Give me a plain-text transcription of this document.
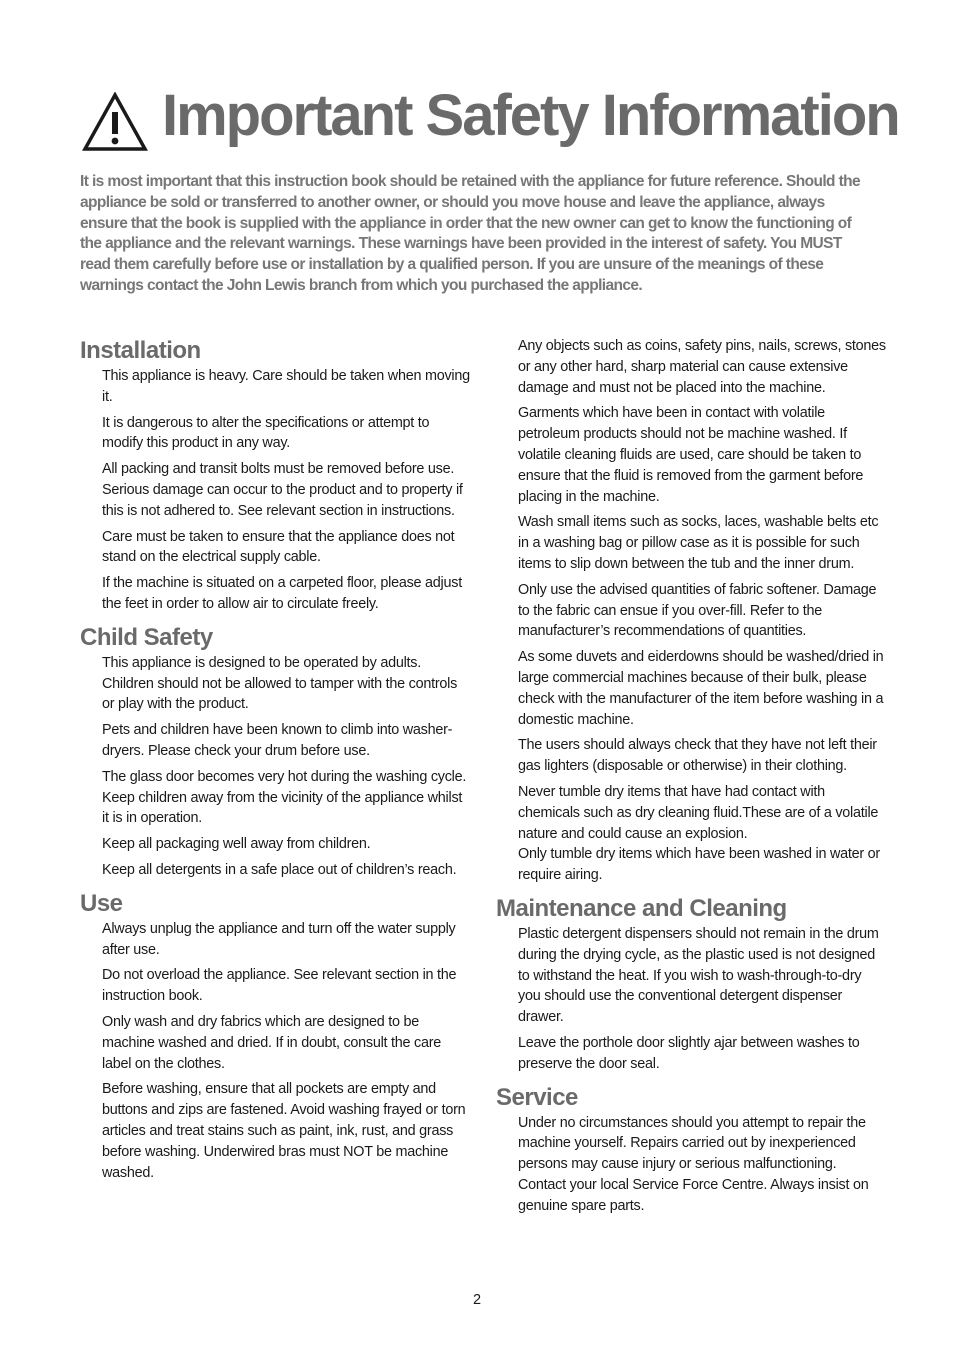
Important Safety Information

It is most important that this instruction book should be retained with the appliance for future reference. Should the appliance be sold or transferred to another owner, or should you move house and leave the appliance, always ensure that the book is supplied with the appliance in order that the new owner can get to know the functioning of the appliance and the relevant warnings. These warnings have been provided in the interest of safety. You MUST read them carefully before use or installation by a qualified person. If you are unsure of the meanings of these warnings contact the John Lewis branch from which you purchased the appliance.

Installation

This appliance is heavy. Care should be taken when moving it.

It is dangerous to alter the specifications or attempt to modify this product in any way.

All packing and transit bolts must be removed before use. Serious damage can occur to the product and to property if this is not adhered to. See relevant section in instructions.

Care must be taken to ensure that the appliance does not stand on the electrical supply cable.

If the machine is situated on a carpeted floor, please adjust the feet in order to allow air to circulate freely.

Child Safety

This appliance is designed to be operated by adults. Children should not be allowed to tamper with the controls or play with the product.

Pets and children have been known to climb into washer-dryers. Please check your drum before use.

The glass door becomes very hot during the washing cycle. Keep children away from the vicinity of the appliance whilst it is in operation.

Keep all packaging well away from children.

Keep all detergents in a safe place out of children’s reach.

Use

Always unplug the appliance and turn off the water supply after use.

Do not overload the appliance. See relevant section in the instruction book.

Only wash and dry fabrics which are designed to be machine washed and dried. If in doubt, consult the care label on the clothes.

Before washing, ensure that all pockets are empty and buttons and zips are fastened. Avoid washing frayed or torn articles and treat stains such as paint, ink, rust, and grass before washing. Underwired bras must NOT be machine washed.

Any objects such as coins, safety pins, nails, screws, stones or any other hard, sharp material can cause extensive damage and must not be placed into the machine.

Garments which have been in contact with volatile petroleum products should not be machine washed. If volatile cleaning fluids are used, care should be taken to ensure that the fluid is removed from the garment before placing in the machine.

Wash small items such as socks, laces, washable belts etc in a washing bag or pillow case as it is possible for such items to slip down between the tub and the inner drum.

Only use the advised quantities of fabric softener. Damage to the fabric can ensue if you over-fill. Refer to the manufacturer’s recommendations of quantities.

As some duvets and eiderdowns should be washed/dried in large commercial machines because of their bulk, please check with the manufacturer of the item before washing in a domestic machine.

The users should always check that they have not left their gas lighters (disposable or otherwise) in their clothing.

Never tumble dry items that have had contact with chemicals such as dry cleaning fluid.These are of a volatile nature and could cause an explosion.

Only tumble dry items which have been washed in water or require airing.

Maintenance and Cleaning

Plastic detergent dispensers should not remain in the drum during the drying cycle, as the plastic used is not designed to withstand the heat. If you wish to wash-through-to-dry you should use the conventional detergent dispenser drawer.

Leave the porthole door slightly ajar between washes to preserve the door seal.

Service

Under no circumstances should you attempt to repair the machine yourself. Repairs carried out by inexperienced persons may cause injury or serious malfunctioning. Contact your local Service Force Centre. Always insist on genuine spare parts.

2
